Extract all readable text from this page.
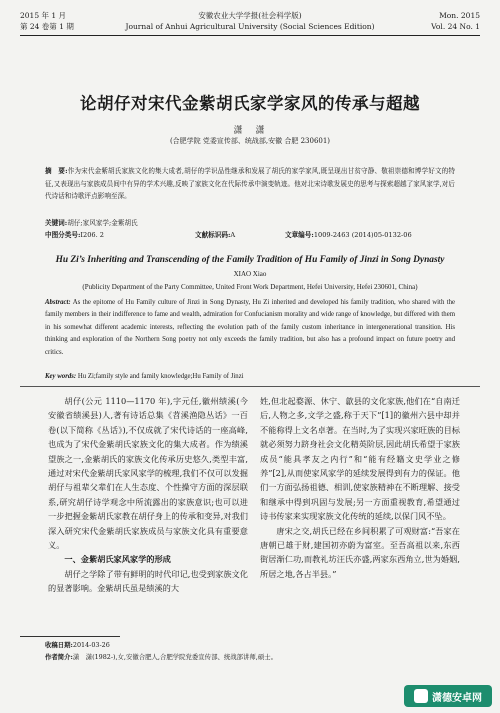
2015 年 1 月
第 24 卷第 1 期
安徽农业大学学报(社会科学版)
Journal of Anhui Agricultural University (Social Sciences Edition)
Mon. 2015
Vol. 24 No. 1
论胡仔对宋代金紫胡氏家学家风的传承与超越
潇　潇
(合肥学院 党委宣传部、统战部,安徽 合肥 230601)
摘　要:作为宋代金紫胡氏家族文化的集大成者,胡仔的学识品性继承和发展了胡氏的家学家风,既呈现出甘贫守静、敬祖崇德和博学好文的特征,又表现出与家族成员间中有异的学术兴趣,反映了家族文化在代际传承中演变轨迹。他对北宋诗歌发展史的思考与探索超越了家风家学,对后代诗话和诗歌评点影响至深。
关键词:胡仔;家风家学;金紫胡氏
中图分类号:I206. 2	文献标识码:A	文章编号:1009-2463 (2014)05-0132-06
Hu Zi’s Inheriting and Transcending of the Family Tradition of Hu Family of Jinzi in Song Dynasty
XIAO Xiao
(Publicity Department of the Party Committee, United Front Work Department, Hefei University, Hefei 230601, China)
Abstract: As the epitome of Hu Family culture of Jinzi in Song Dynasty, Hu Zi inherited and developed his family tradition, who shared with the family members in their indifference to fame and wealth, admiration for Confucianism morality and wide range of knowledge, but differed with them in his somewhat different academic interests, reflecting the evolution path of the family custom inheritance in intergenerational transition. His thinking and exploration of the Northern Song poetry not only exceeds the family tradition, but also has a profound impact on future poetry and critics.
Key words: Hu Zi;family style and family knowledge;Hu Family of Jinzi

胡仔(公元 1110—1170 年),字元任,徽州绩溪(今安徽省绩溪县)人,著有诗话总集《苕溪渔隐丛话》一百卷(以下简称《丛话》),不仅成就了宋代诗话的一座高峰,也成为了宋代金紫胡氏家族文化的集大成者。作为绩溪望族之一,金紫胡氏的家族文化传承历史悠久,类型丰富,通过对宋代金紫胡氏家风家学的梳理,我们不仅可以发掘胡仔与祖辈父辈们在人生态度、个性操守方面的深层联系,研究胡仔诗学观念中所流露出的家族意识;也可以进一步把握金紫胡氏家教在胡仔身上的传承和变异,对我们深入研究宋代金紫胡氏家族成员与家族文化具有重要意义。

一、金紫胡氏家风家学的形成

胡仔之学除了带有鲜明的时代印记,也受到家族文化的显著影响。金紫胡氏虽是绩溪的大

姓,但北起婺源、休宁、歙县的文化家族,他们在“自南迁后,人物之多,文学之盛,称于天下”[1]的徽州六县中却并不能称得上文名卓著。在当时,为了实现兴家旺族的目标就必须努力跻身社会文化精英阶层,因此胡氏希望于家族成员“能具孝友之内行”和“能有经籍文史学业之修养”[2],从而使家风家学的延续发展得到有力的保证。他们一方面弘扬祖德、相训,使家族精神在不断理解、接受和继承中得到巩固与发展;另一方面重视教育,希望通过诗书传家来实现家族文化传统的延续,以保门风不坠。

唐宋之交,胡氏已经在乡间积累了可观财富:“吾家在唐朝已雄于财,建国初亦蔚为富室。至吾高祖以来,东西街居渐仁功,而教礼坊汪氏亦盛,两家东西角立,世为婚姻,所居之地,各占半县。”

收稿日期:2014-03-26
作者简介:潇　潇(1982-),女,安徽合肥人,合肥学院党委宣传部、统战部讲师,硕士。
潇德安卓网
